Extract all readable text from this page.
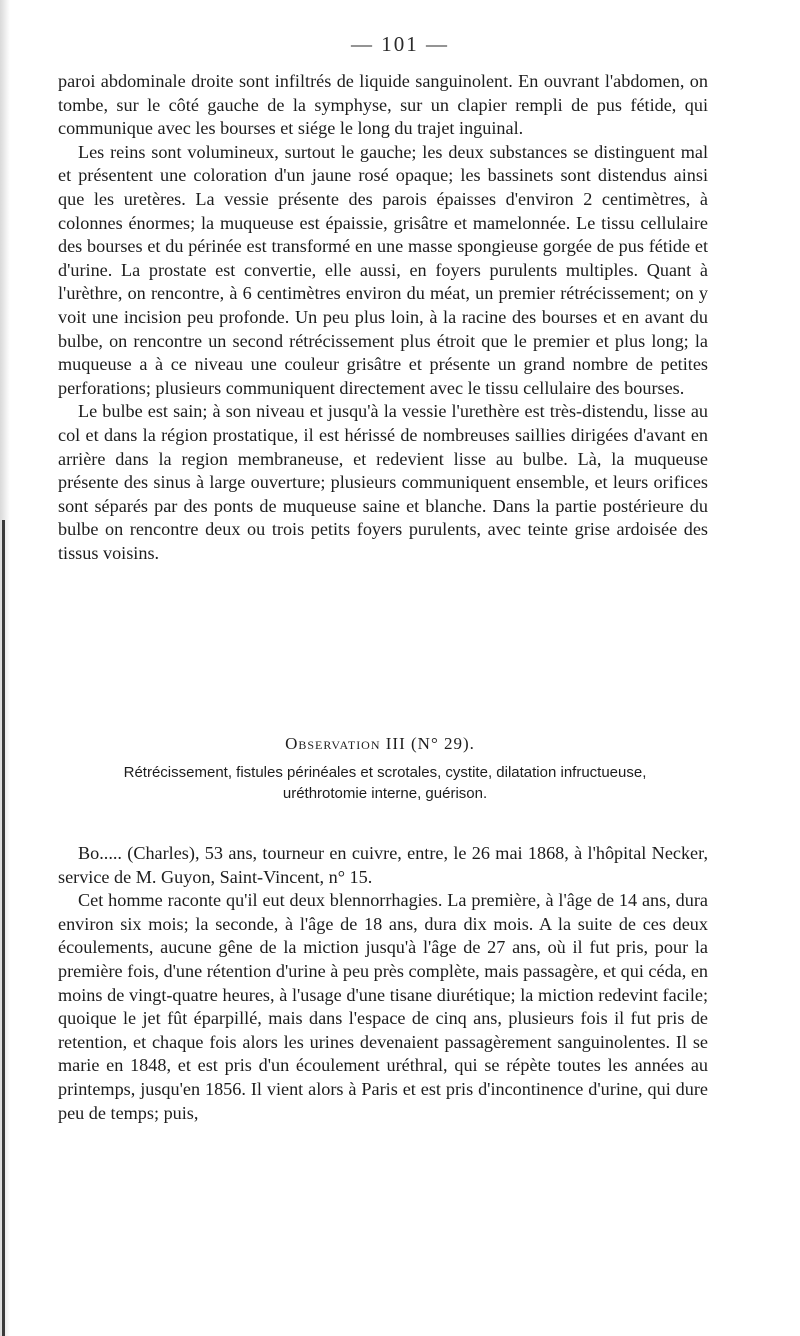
— 101 —

paroi abdominale droite sont infiltrés de liquide sanguinolent. En ouvrant l'abdomen, on tombe, sur le côté gauche de la symphyse, sur un clapier rempli de pus fétide, qui communique avec les bourses et siége le long du trajet inguinal.

Les reins sont volumineux, surtout le gauche; les deux substances se distinguent mal et présentent une coloration d'un jaune rosé opaque; les bassinets sont distendus ainsi que les uretères. La vessie présente des parois épaisses d'environ 2 centimètres, à colonnes énormes; la muqueuse est épaissie, grisâtre et mamelonnée. Le tissu cellulaire des bourses et du périnée est transformé en une masse spongieuse gorgée de pus fétide et d'urine. La prostate est convertie, elle aussi, en foyers purulents multiples. Quant à l'urèthre, on rencontre, à 6 centimètres environ du méat, un premier rétrécissement; on y voit une incision peu profonde. Un peu plus loin, à la racine des bourses et en avant du bulbe, on rencontre un second rétrécissement plus étroit que le premier et plus long; la muqueuse a à ce niveau une couleur grisâtre et présente un grand nombre de petites perforations; plusieurs communiquent directement avec le tissu cellulaire des bourses.

Le bulbe est sain; à son niveau et jusqu'à la vessie l'urethère est très-distendu, lisse au col et dans la région prostatique, il est hérissé de nombreuses saillies dirigées d'avant en arrière dans la region membraneuse, et redevient lisse au bulbe. Là, la muqueuse présente des sinus à large ouverture; plusieurs communiquent ensemble, et leurs orifices sont séparés par des ponts de muqueuse saine et blanche. Dans la partie postérieure du bulbe on rencontre deux ou trois petits foyers purulents, avec teinte grise ardoisée des tissus voisins.

Observation III (N° 29).
Rétrécissement, fistules périnéales et scrotales, cystite, dilatation infructueuse,
uréthrotomie interne, guérison.

Bo..... (Charles), 53 ans, tourneur en cuivre, entre, le 26 mai 1868, à l'hôpital Necker, service de M. Guyon, Saint-Vincent, n° 15.

Cet homme raconte qu'il eut deux blennorrhagies. La première, à l'âge de 14 ans, dura environ six mois; la seconde, à l'âge de 18 ans, dura dix mois. A la suite de ces deux écoulements, aucune gêne de la miction jusqu'à l'âge de 27 ans, où il fut pris, pour la première fois, d'une rétention d'urine à peu près complète, mais passagère, et qui céda, en moins de vingt-quatre heures, à l'usage d'une tisane diurétique; la miction redevint facile; quoique le jet fût éparpillé, mais dans l'espace de cinq ans, plusieurs fois il fut pris de retention, et chaque fois alors les urines devenaient passagèrement sanguinolentes. Il se marie en 1848, et est pris d'un écoulement uréthral, qui se répète toutes les années au printemps, jusqu'en 1856. Il vient alors à Paris et est pris d'incontinence d'urine, qui dure peu de temps; puis,
